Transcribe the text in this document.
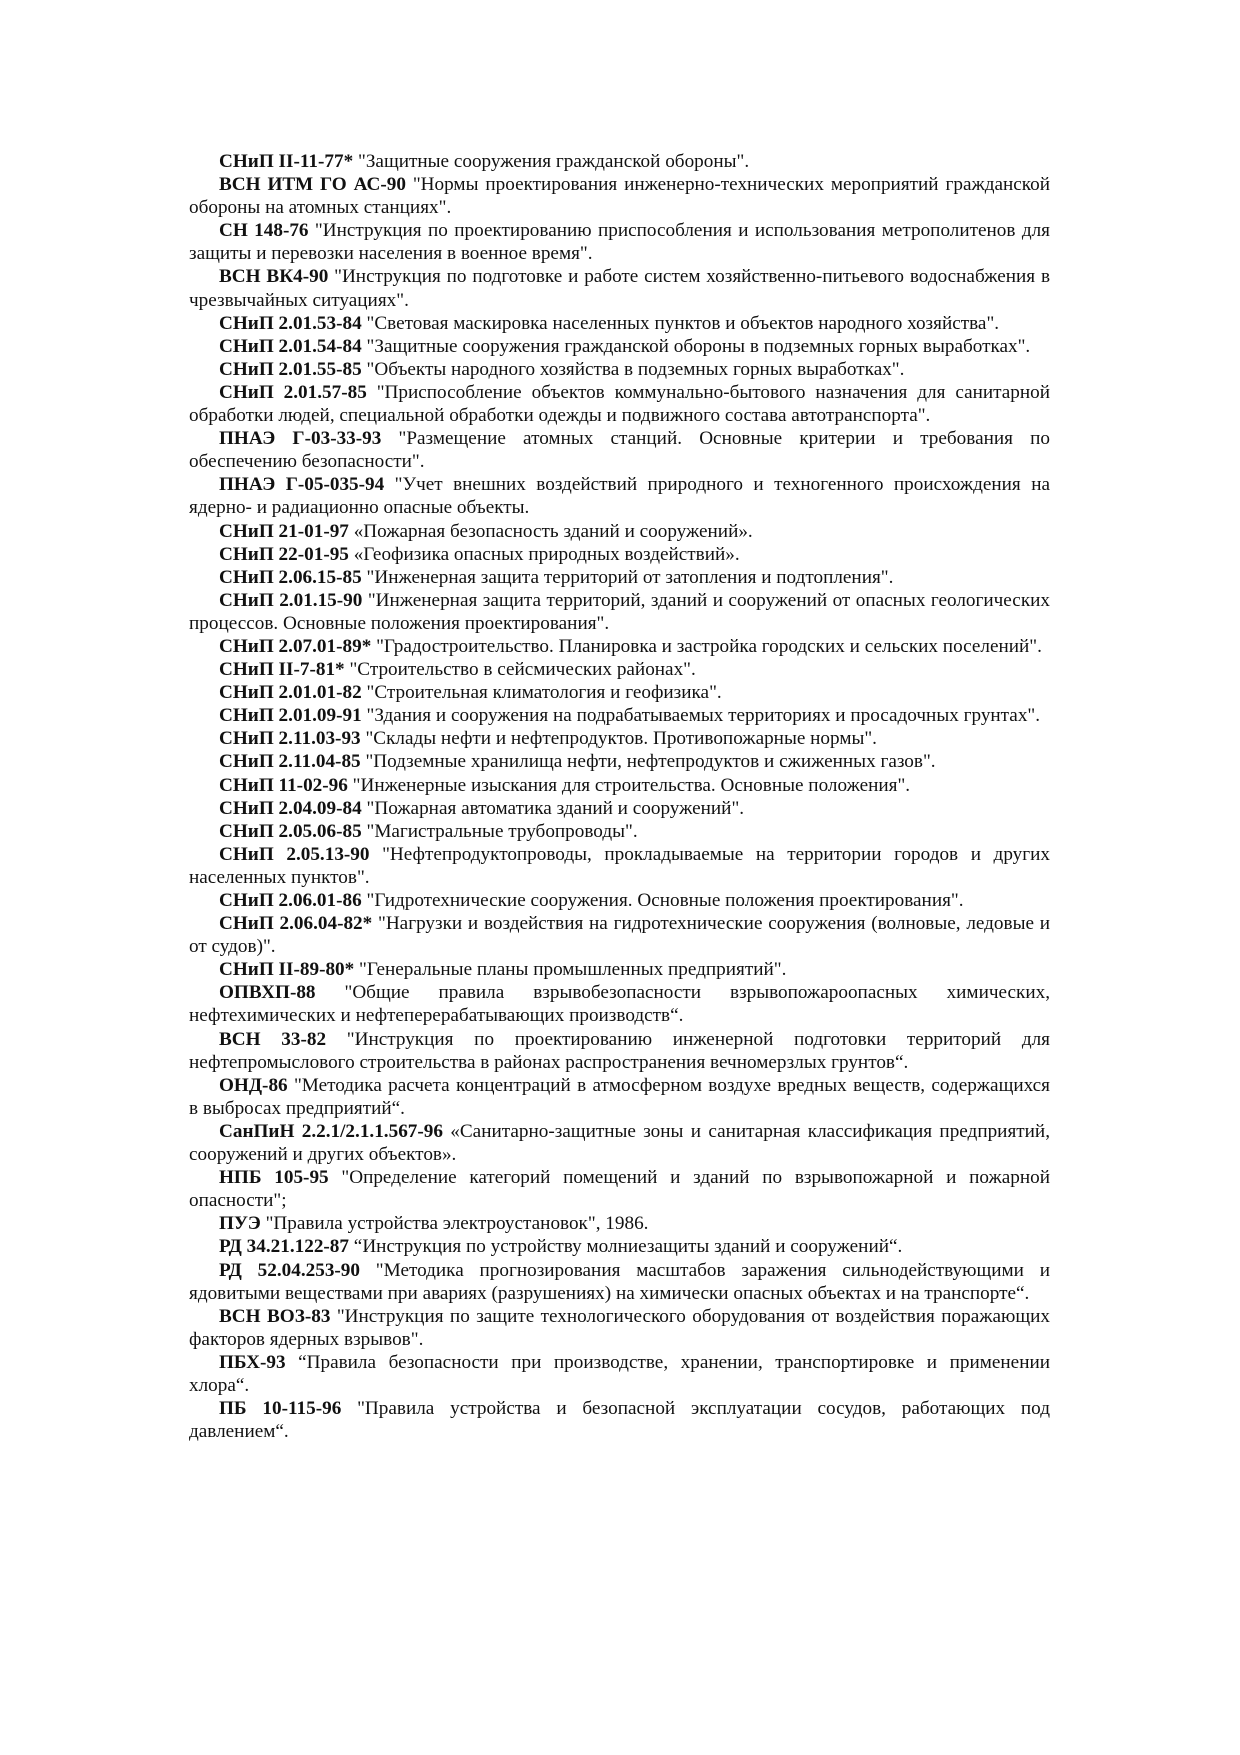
СНиП II-11-77* "Защитные сооружения гражданской обороны".

ВСН ИТМ ГО АС-90 "Нормы проектирования инженерно-технических мероприятий гражданской обороны на атомных станциях".

СН 148-76 "Инструкция по проектированию приспособления и использования метрополитенов для защиты и перевозки населения в военное время".

ВСН ВК4-90 "Инструкция по подготовке и работе систем хозяйственно-питьевого водоснабжения в чрезвычайных ситуациях".

СНиП 2.01.53-84 "Световая маскировка населенных пунктов и объектов народного хозяйства".

СНиП 2.01.54-84 "Защитные сооружения гражданской обороны в подземных горных выработках".

СНиП 2.01.55-85 "Объекты народного хозяйства в подземных горных выработках".

СНиП 2.01.57-85 "Приспособление объектов коммунально-бытового назначения для санитарной обработки людей, специальной обработки одежды и подвижного состава автотранспорта".

ПНАЭ Г-03-33-93 "Размещение атомных станций. Основные критерии и требования по обеспечению безопасности".

ПНАЭ Г-05-035-94 "Учет внешних воздействий природного и техногенного происхождения на ядерно- и радиационно опасные объекты.

СНиП 21-01-97 «Пожарная безопасность зданий и сооружений».

СНиП 22-01-95 «Геофизика опасных природных воздействий».

СНиП 2.06.15-85 "Инженерная защита территорий от затопления и подтопления".

СНиП 2.01.15-90 "Инженерная защита территорий, зданий и сооружений от опасных геологических процессов. Основные положения проектирования".

СНиП 2.07.01-89* "Градостроительство. Планировка и застройка городских и сельских поселений".

СНиП II-7-81* "Строительство в сейсмических районах".

СНиП 2.01.01-82 "Строительная климатология и геофизика".

СНиП 2.01.09-91 "Здания и сооружения на подрабатываемых территориях и просадочных грунтах".

СНиП 2.11.03-93 "Склады нефти и нефтепродуктов. Противопожарные нормы".

СНиП 2.11.04-85 "Подземные хранилища нефти, нефтепродуктов и сжиженных газов".

СНиП 11-02-96 "Инженерные изыскания для строительства. Основные положения".

СНиП 2.04.09-84 "Пожарная автоматика зданий и сооружений".

СНиП 2.05.06-85 "Магистральные трубопроводы".

СНиП 2.05.13-90 "Нефтепродуктопроводы, прокладываемые на территории городов и других населенных пунктов".

СНиП 2.06.01-86 "Гидротехнические сооружения. Основные положения проектирования".

СНиП 2.06.04-82* "Нагрузки и воздействия на гидротехнические сооружения (волновые, ледовые и от судов)".

СНиП II-89-80* "Генеральные планы промышленных предприятий".

ОПВХП-88 "Общие правила взрывобезопасности взрывопожароопасных химических, нефтехимических и нефтеперерабатывающих производств“.

ВСН 33-82 "Инструкция по проектированию инженерной подготовки территорий для нефтепромыслового строительства в районах распространения вечномерзлых грунтов“.

ОНД-86 "Методика расчета концентраций в атмосферном воздухе вредных веществ, содержащихся в выбросах предприятий“.

СанПиН 2.2.1/2.1.1.567-96 «Санитарно-защитные зоны и санитарная классификация предприятий, сооружений и других объектов».

НПБ 105-95 "Определение категорий помещений и зданий по взрывопожарной и пожарной опасности";

ПУЭ "Правила устройства электроустановок", 1986.

РД 34.21.122-87 “Инструкция по устройству молниезащиты зданий и сооружений“.

РД 52.04.253-90 "Методика прогнозирования масштабов заражения сильнодействующими и ядовитыми веществами при авариях (разрушениях) на химически опасных объектах и на транспорте“.

ВСН ВОЗ-83 "Инструкция по защите технологического оборудования от воздействия поражающих факторов ядерных взрывов".

ПБХ-93 “Правила безопасности при производстве, хранении, транспортировке и применении хлора“.

ПБ 10-115-96 "Правила устройства и безопасной эксплуатации сосудов, работающих под давлением“.
